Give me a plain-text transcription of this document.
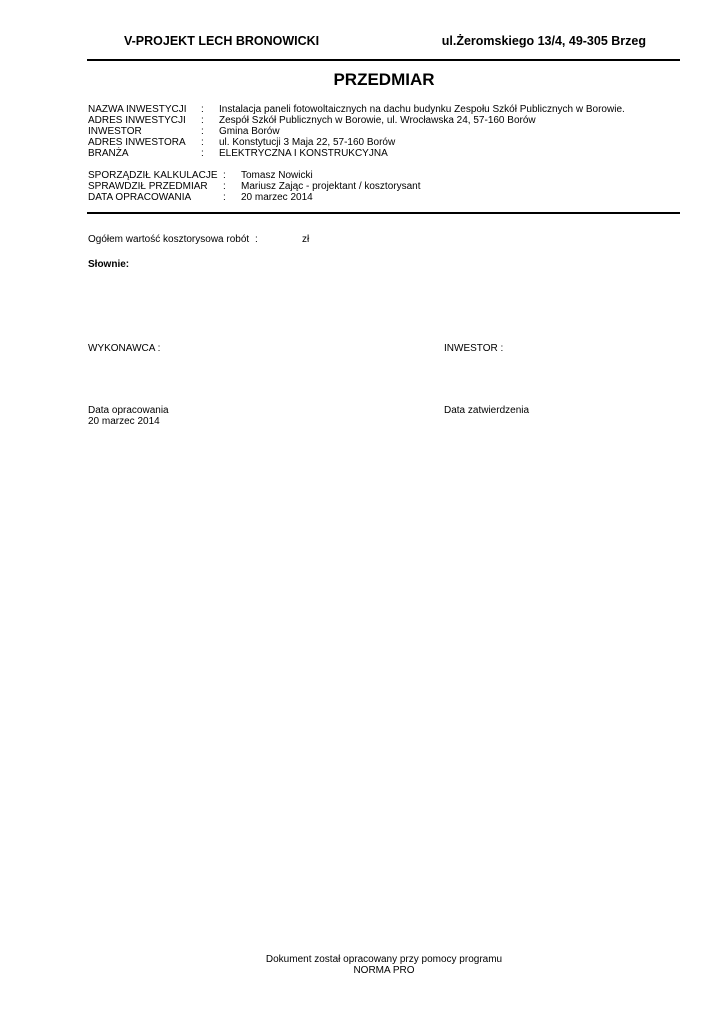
V-PROJEKT LECH BRONOWICKI	ul.Żeromskiego 13/4, 49-305 Brzeg
PRZEDMIAR
NAZWA INWESTYCJI : Instalacja paneli fotowoltaicznych na dachu budynku Zespołu Szkół Publicznych w Borowie.
ADRES INWESTYCJI : Zespół Szkół Publicznych w Borowie, ul. Wrocławska 24, 57-160 Borów
INWESTOR	: Gmina Borów
ADRES INWESTORA : ul. Konstytucji 3 Maja 22, 57-160 Borów
BRANŻA	: ELEKTRYCZNA I KONSTRUKCYJNA
SPORZĄDZIŁ KALKULACJE : Tomasz Nowicki
SPRAWDZIŁ PRZEDMIAR : Mariusz Zając - projektant / kosztorysant
DATA OPRACOWANIA	: 20 marzec 2014
Ogółem wartość kosztorysowa robót :	zł
Słownie:
WYKONAWCA :	INWESTOR :
Data opracowania
20 marzec 2014
Data zatwierdzenia
Dokument został opracowany przy pomocy programu
NORMA PRO
